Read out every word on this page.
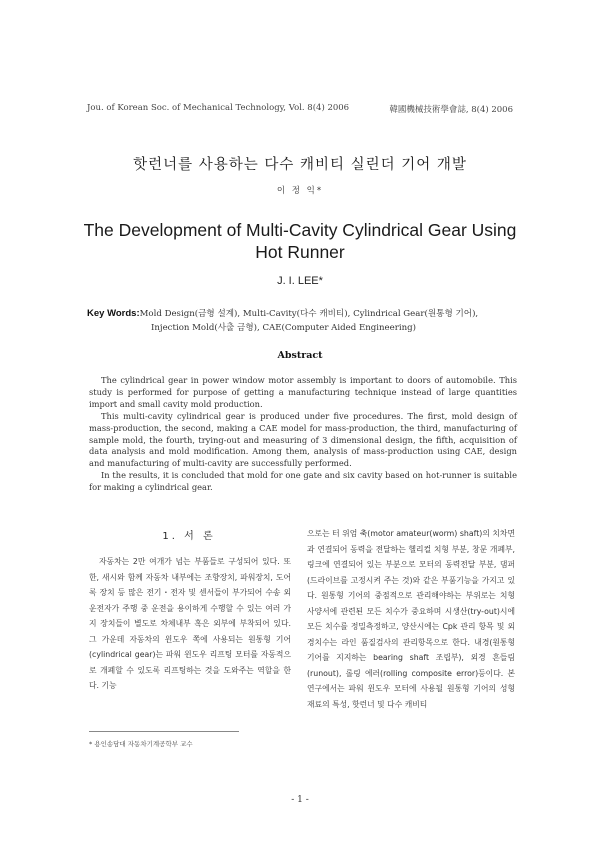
Jou. of Korean Soc. of Mechanical Technology, Vol. 8(4) 2006	韓國機械技術學會誌, 8(4) 2006
핫런너를 사용하는 다수 캐비티 실린더 기어 개발
이 정 익*
The Development of Multi-Cavity Cylindrical Gear Using
Hot Runner
J. I. LEE*
Key Words:Mold Design(금형 설계), Multi-Cavity(다수 캐비티), Cylindrical Gear(원통형 기어),
Injection Mold(사출 금형), CAE(Computer Aided Engineering)
Abstract

The cylindrical gear in power window motor assembly is important to doors of automobile. This study is performed for purpose of getting a manufacturing technique instead of large quantities import and small cavity mold production.

This multi-cavity cylindrical gear is produced under five procedures. The first, mold design of mass-production, the second, making a CAE model for mass-production, the third, manufacturing of sample mold, the fourth, trying-out and measuring of 3 dimensional design, the fifth, acquisition of data analysis and mold modification. Among them, analysis of mass-production using CAE, design and manufacturing of multi-cavity are successfully performed.

In the results, it is concluded that mold for one gate and six cavity based on hot-runner is suitable for making a cylindrical gear.

1. 서 론

자동차는 2만 여개가 넘는 부품들로 구성되어 있다. 또한, 새시와 함께 자동차 내부에는 조향장치, 파워장치, 도어 록 장치 등 많은 전기・전자 및 센서들이 부가되어 수송 외 운전자가 주행 중 운전을 용이하게 수행할 수 있는 여러 가지 장치들이 별도로 차체내부 혹은 외부에 부착되어 있다. 그 가운데 자동차의 윈도우 쪽에 사용되는 원통형 기어(cylindrical gear)는 파워 윈도우 리프팅 모터를 자동적으로 개폐할 수 있도록 리프팅하는 것을 도와주는 역할을 한다. 기능

으로는 터 위엄 축(motor amateur(worm) shaft)의 치차면과 연결되어 동력을 전달하는 헬리컬 치형 부분, 창문 개폐부, 링크에 연결되어 있는 부분으로 모터의 동력전달 부분, 댐퍼(드라이브를 고정시켜 주는 것)와 같은 부품기능을 가지고 있다. 원통형 기어의 중점적으로 관리해야하는 부위로는 치형 사양서에 관련된 모든 치수가 중요하며 시생산(try-out)시에 모든 치수를 정밀측정하고, 양산시에는 Cpk 관리 항목 및 외경치수는 라인 품질검사의 관리항목으로 한다. 내경(원통형 기어를 지지하는 bearing shaft 조립부), 외경 흔들림(runout), 롤링 에러(rolling composite error)등이다. 본 연구에서는 파워 윈도우 모터에 사용될 원통형 기어의 성형 재료의 특성, 핫런너 및 다수 캐비티

* 용인송담대 자동차기계공학부 교수
- 1 -
